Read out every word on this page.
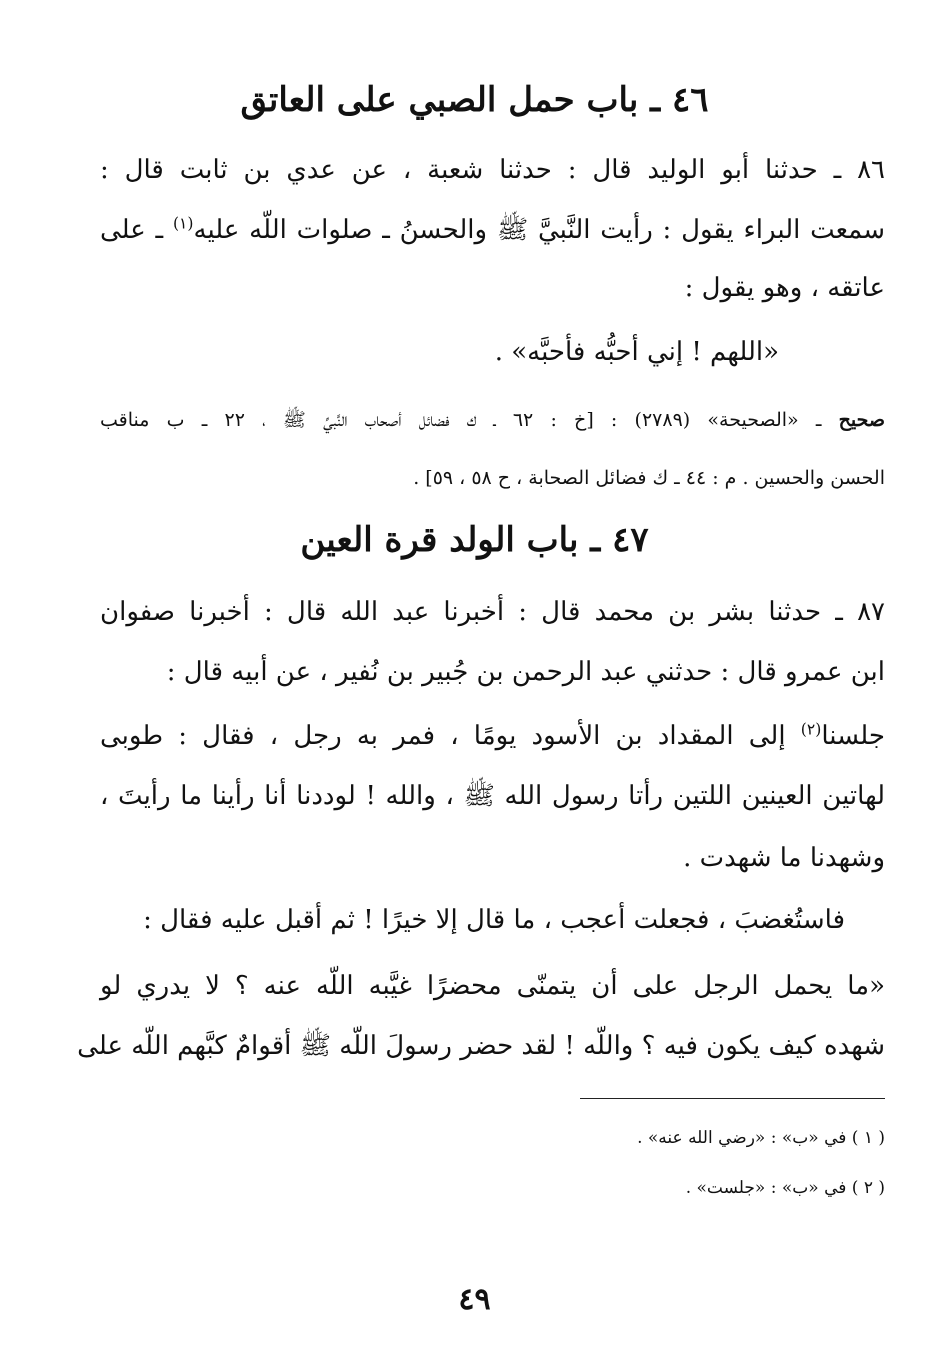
٤٦ ـ باب حمل الصبي على العاتق
٨٦ ـ حدثنا أبو الوليد قال : حدثنا شعبة ، عن عدي بن ثابت قال :
سمعت البراء يقول : رأيت النَّبيَّ ﷺ والحسنُ ـ صلوات اللّه عليه$^{(١)}$ ـ على
عاتقه ، وهو يقول :
«اللهم ! إني أحبُّه فأحبَّه» .
صحيح ـ «الصحيحة» (٢٧٨٩) : [خ : ٦٢ ـ ك فضائل أصحاب النَّبيِّ ﷺ ، ٢٢ ـ ب مناقب
الحسن والحسين . م : ٤٤ ـ ك فضائل الصحابة ، ح ٥٨ ، ٥٩] .
٤٧ ـ باب الولد قرة العين
٨٧ ـ حدثنا بشر بن محمد قال : أخبرنا عبد الله قال : أخبرنا صفوان
ابن عمرو قال : حدثني عبد الرحمن بن جُبير بن نُفير ، عن أبيه قال :
جلسنا$^{(٢)}$ إلى المقداد بن الأسود يومًا ، فمر به رجل ، فقال : طوبى
لهاتين العينين اللتين رأتا رسول الله ﷺ ، والله ! لوددنا أنا رأينا ما رأيتَ ،
وشهدنا ما شهدت .
فاستُغضبَ ، فجعلت أعجب ، ما قال إلا خيرًا ! ثم أقبل عليه فقال :
«ما يحمل الرجل على أن يتمنّى محضرًا غيَّبه اللّه عنه ؟ لا يدري لو
شهده كيف يكون فيه ؟ واللّه ! لقد حضر رسولَ اللّه ﷺ أقوامٌ كبَّهم اللّه على
( ١ ) في «ب» : «رضي الله عنه» .
( ٢ ) في «ب» : «جلست» .
٤٩
